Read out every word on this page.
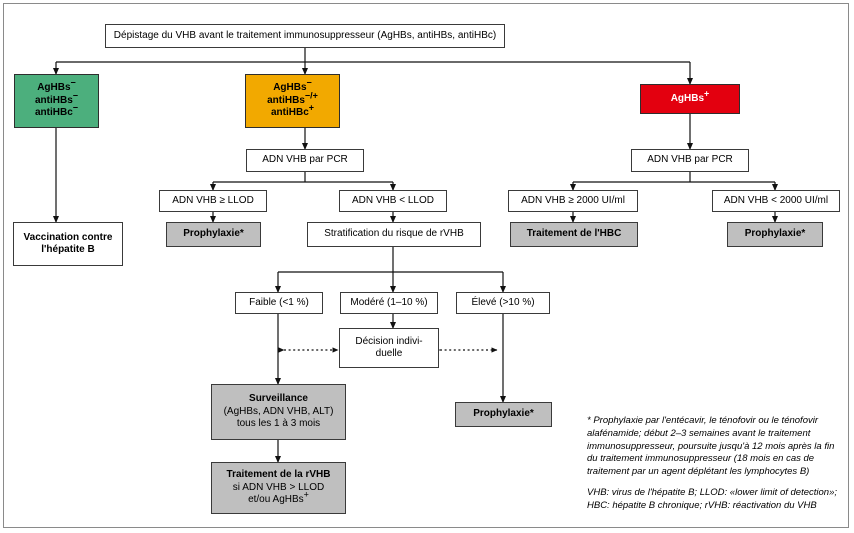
Dépistage du VHB avant le traitement immunosuppresseur (AgHBs, antiHBs, antiHBc)
AgHBs−
antiHBs−
antiHBc−
AgHBs−
antiHBs−/+
antiHBc+
AgHBs+
Vaccination contre l'hépatite B
ADN VHB par PCR	ADN VHB par PCR
ADN VHB ≥ LLOD	ADN VHB < LLOD	ADN VHB ≥ 2000 UI/ml	ADN VHB < 2000 UI/ml
Prophylaxie*	Traitement de l'HBC	Prophylaxie*
Stratification du risque de rVHB
Faible (<1 %)	Modéré (1–10 %)	Élevé (>10 %)
Décision indivi-duelle
Surveillance
(AgHBs, ADN VHB, ALT)
tous les 1 à 3 mois
Prophylaxie*
Traitement de la rVHB
si ADN VHB > LLOD
et/ou AgHBs+
* Prophylaxie par l'entécavir, le ténofovir ou le ténofovir alafénamide; début 2–3 semaines avant le traitement immunosuppresseur, poursuite jusqu'à 12 mois après la fin du traitement immunosuppresseur (18 mois en cas de traitement par un agent déplétant les lymphocytes B)
VHB: virus de l'hépatite B; LLOD: «lower limit of detection»; HBC: hépatite B chronique; rVHB: réactivation du VHB
